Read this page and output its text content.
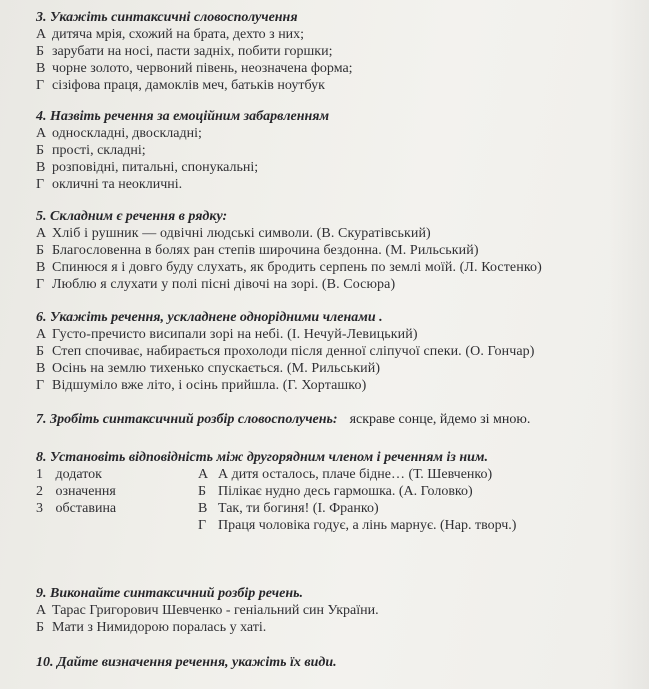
3. Укажіть синтаксичні словосполучення
А дитяча мрія, схожий на брата, дехто з них;
Б зарубати на носі, пасти задніх, побити горшки;
В чорне золото, червоний півень, неозначена форма;
Г сізіфова праця, дамоклів меч, батьків ноутбук
4. Назвіть речення за емоційним забарвленням
А односкладні, двоскладні;
Б прості, складні;
В розповідні, питальні, спонукальні;
Г окличні та неокличні.
5. Складним є речення в рядку:
А Хліб і рушник — одвічні людські символи. (В. Скуратівський)
Б Благословенна в болях ран степів широчина бездонна. (М. Рильський)
В Спинюся я і довго буду слухать, як бродить серпень по землі моїй. (Л. Костенко)
Г Люблю я слухати у полі пісні дівочі на зорі. (В. Сосюра)
6. Укажіть речення, ускладнене однорідними членами .
А Густо-пречисто висипали зорі на небі. (І. Нечуй-Левицький)
Б Степ спочиває, набирається прохолоди після денної сліпучої спеки. (О. Гончар)
В Осінь на землю тихенько спускається. (М. Рильський)
Г Відшуміло вже літо, і осінь прийшла. (Г. Хорташко)
7. Зробіть синтаксичний розбір словосполучень: яскраве сонце, йдемо зі мною.
8. Установіть відповідність між другорядним членом і реченням із ним.
1 додаток
2 означення
3 обставина
А А дитя осталось, плаче бідне… (Т. Шевченко)
Б Пілікає нудно десь гармошка. (А. Головко)
В Так, ти богиня! (І. Франко)
Г Праця чоловіка годує, а лінь марнує. (Нар. творч.)
9. Виконайте синтаксичний розбір речень.
А Тарас Григорович Шевченко - геніальний син України.
Б Мати з Нимидорою поралась у хаті.
10. Дайте визначення речення, укажіть їх види.
